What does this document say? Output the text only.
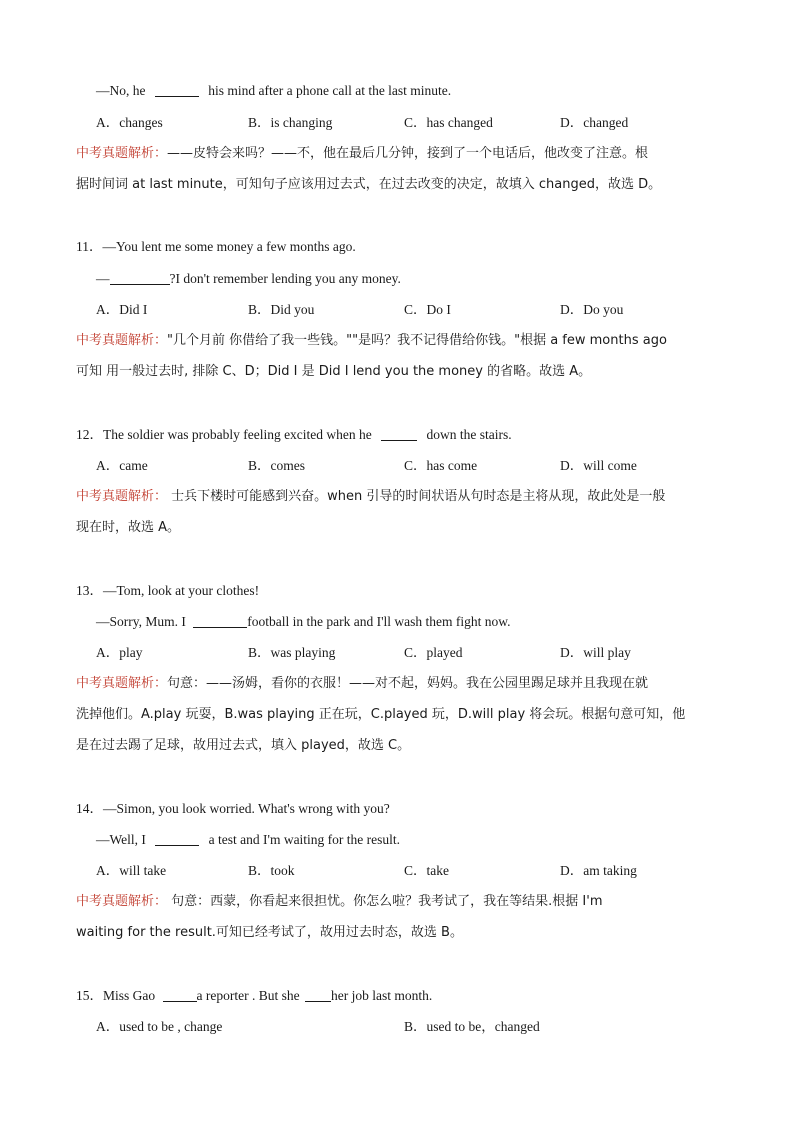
—No, he	his mind after a phone call at the last minute.
A．changes	B．is changing	C．has changed	D．changed
中考真题解析：——皮特会来吗？——不，他在最后几分钟，接到了一个电话后，他改变了注意。根
据时间词 at last minute，可知句子应该用过去式，在过去改变的决定，故填入 changed，故选 D。
11．—You lent me some money a few months ago.
—	?I don't remember lending you any money.
A．Did I	B．Did you	C．Do I	D．Do you
中考真题解析："几个月前 你借给了我一些钱。""是吗？我不记得借给你钱。"根据 a few months ago
可知 用一般过去时, 排除 C、D；Did I 是 Did I lend you the money 的省略。故选 A。
12．The soldier was probably feeling excited when he	down the stairs.
A．came	B．comes	C．has come	D．will come
中考真题解析： 士兵下楼时可能感到兴奋。when 引导的时间状语从句时态是主将从现，故此处是一般
现在时，故选 A。
13．—Tom, look at your clothes!
—Sorry, Mum. I	football in the park and I'll wash them fight now.
A．play	B．was playing	C．played	D．will play
中考真题解析：句意：——汤姆，看你的衣服！——对不起，妈妈。我在公园里踢足球并且我现在就
洗掉他们。A.play 玩耍，B.was playing 正在玩，C.played 玩，D.will play 将会玩。根据句意可知，他
是在过去踢了足球，故用过去式，填入 played，故选 C。
14．—Simon, you look worried. What's wrong with you?
—Well, I	a test and I'm waiting for the result.
A．will take	B．took	C．take	D．am taking
中考真题解析： 句意：西蒙，你看起来很担忧。你怎么啦？我考试了，我在等结果.根据 I'm
waiting for the result.可知已经考试了，故用过去时态，故选 B。
15．Miss Gao	a reporter . But she her job last month.
A．used to be , change	B．used to be，changed
